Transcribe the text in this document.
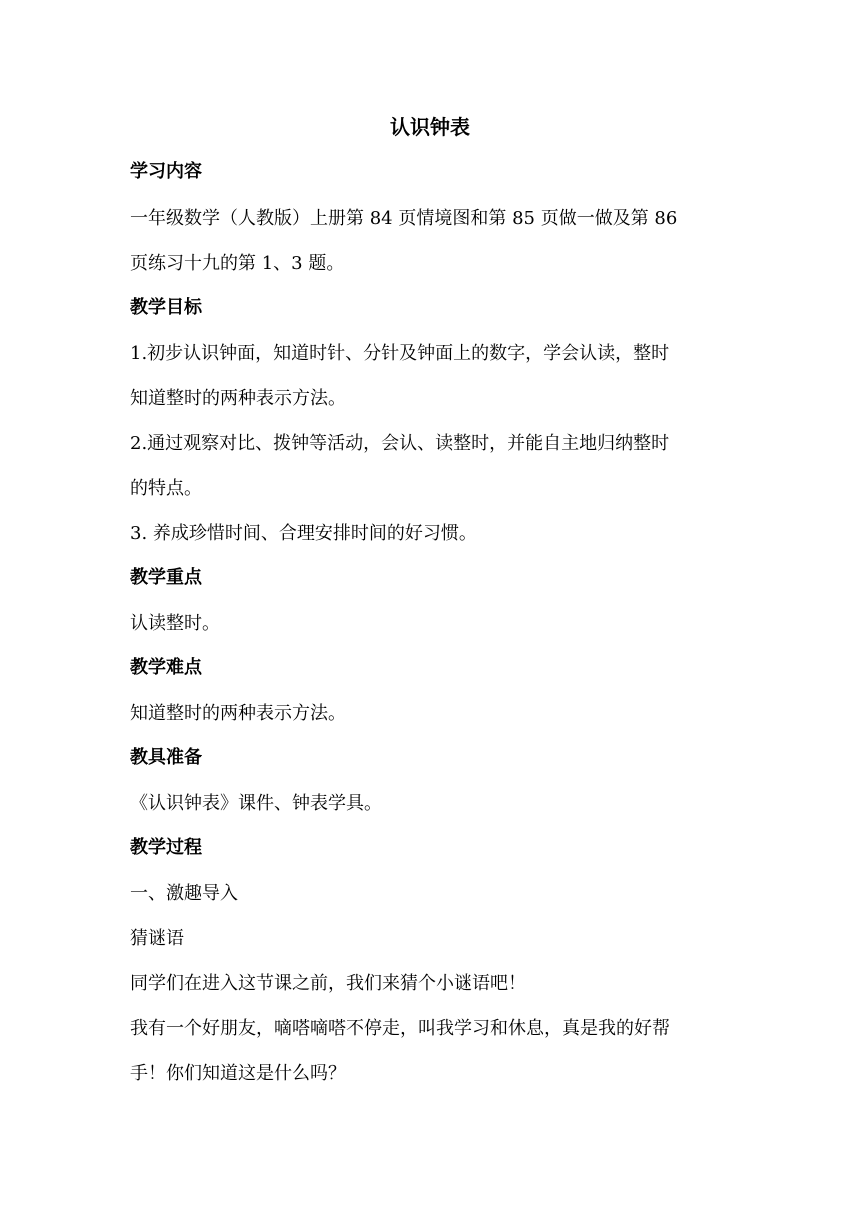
认识钟表
学习内容
一年级数学（人教版）上册第 84 页情境图和第 85 页做一做及第 86
页练习十九的第 1、3 题。
教学目标
1.初步认识钟面，知道时针、分针及钟面上的数字，学会认读，整时
知道整时的两种表示方法。
2.通过观察对比、拨钟等活动，会认、读整时，并能自主地归纳整时
的特点。
3. 养成珍惜时间、合理安排时间的好习惯。
教学重点
认读整时。
教学难点
知道整时的两种表示方法。
教具准备
《认识钟表》课件、钟表学具。
教学过程
一、激趣导入
猜谜语
同学们在进入这节课之前，我们来猜个小谜语吧！
我有一个好朋友，嘀嗒嘀嗒不停走，叫我学习和休息，真是我的好帮
手！你们知道这是什么吗？
